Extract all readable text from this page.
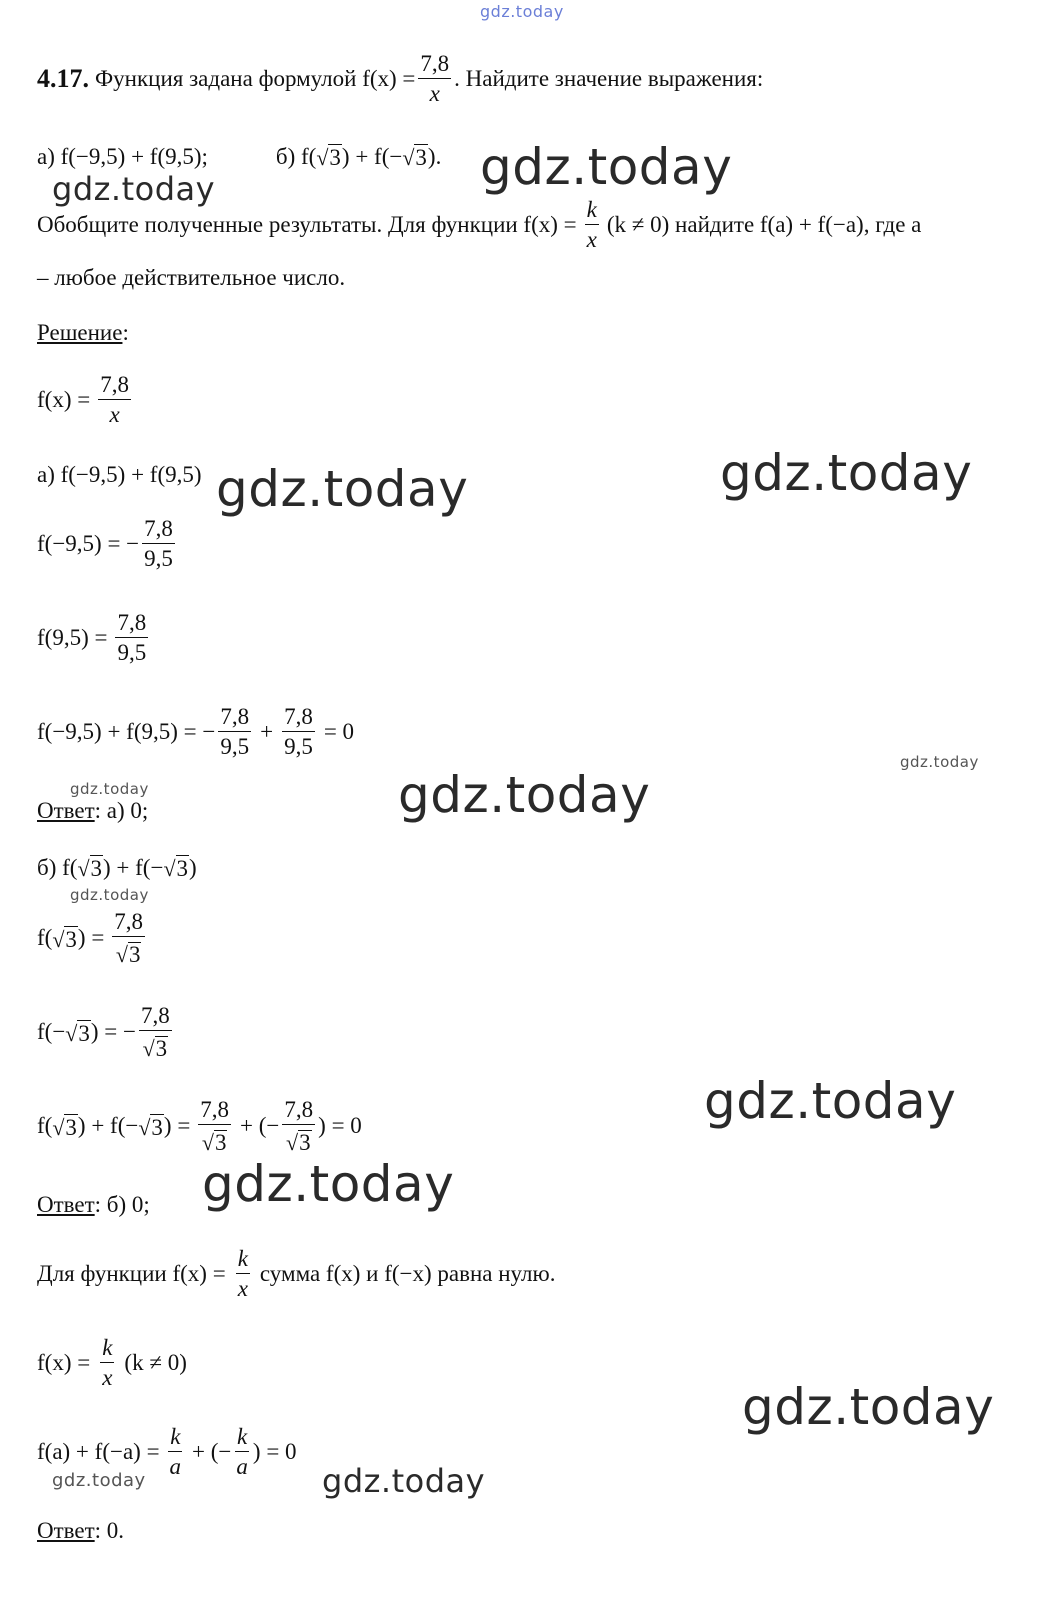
gdz.today
gdz.today
gdz.today
gdz.today	gdz.today
gdz.today
gdz.today
gdz.today
gdz.today
gdz.today
gdz.today
gdz.today
gdz.today
gdz.today
4.17. Функция задана формулой $f(x) = \frac{7,8}{x}$ . Найдите значение выражения:
а) f(−9,5) + f(9,5);	б) f( √ 3 ) + f(− √ 3 ).
Обобщите полученные результаты. Для функции $f(x) = \frac{k}{x} (k \ne 0)$ найдите f(a) + f(−a), где а
– любое действительное число.
Решение :
$f(x) = \frac{7,8}{x}$
а) f(−9,5) + f(9,5)
f(−9,5) = − $\frac{7,8}{9,5}$
$f(9,5) = \frac{7,8}{9,5}$
f(−9,5) + f(9,5) = − $\frac{7,8}{9,5} + \frac{7,8}{9,5} = 0$
Ответ : а) 0;
б) f( √ 3 ) + f(− √ 3 )
f( √ 3 ) = $\frac{7,8}{√ 3}$
f(− √ 3 ) = − $\frac{7,8}{√ 3}$
f( √ 3 ) + f(− √ 3 ) = $\frac{7,8}{√ 3}$ + (− $\frac{7,8}{√ 3}$ ) = 0
Ответ : б) 0;
Для функции $f(x) = \frac{k}{x}$ сумма f(x) и f(−x) равна нулю.
$f(x) = \frac{k}{x} (k \ne 0)$
$f(a) + f(-a) = \frac{k}{a}$ + (− $\frac{k}{a}$ ) = 0
Ответ : 0.
